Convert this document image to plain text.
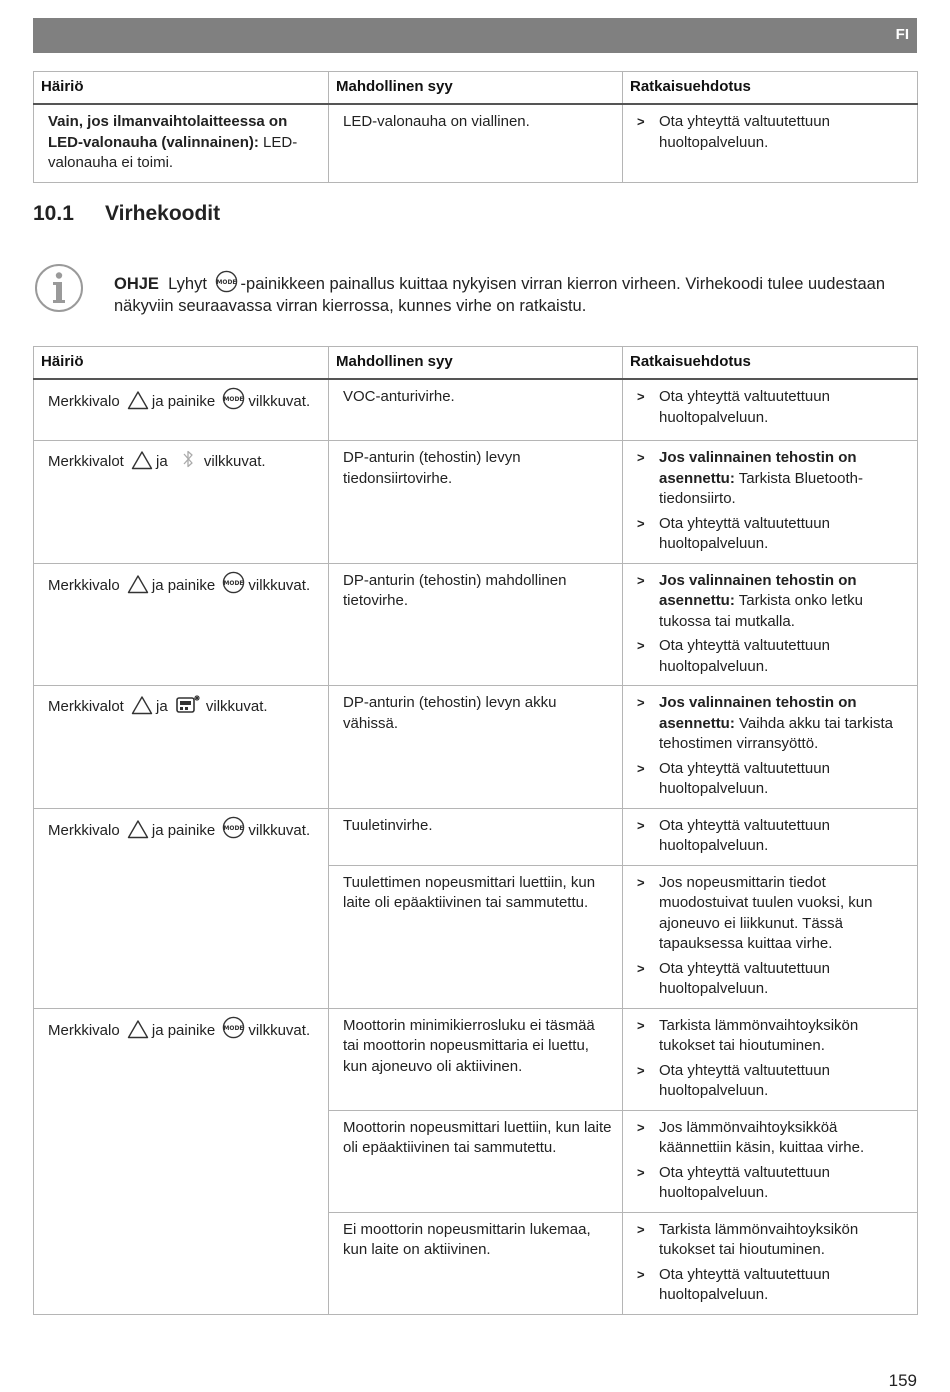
FI
Häiriö	Mahdollinen syy	Ratkaisuehdotus
Vain, jos ilmanvaihtolaitteessa on LED-valonauha (valinnainen): LED-valonauha ei toimi.	LED-valonauha on viallinen.	> Ota yhteyttä valtuutettuun huoltopalveluun.
10.1 Virhekoodit
OHJE Lyhyt -painikkeen painallus kuittaa nykyisen virran kierron virheen. Virhekoodi tulee uudestaan näkyviin seuraavassa virran kierrossa, kunnes virhe on ratkaistu.
Häiriö	Mahdollinen syy	Ratkaisuehdotus
Merkkivalo ja painike vilkkuvat.	VOC-anturivirhe.	> Ota yhteyttä valtuutettuun huoltopalveluun.

Merkkivalot ja vilkkuvat.	DP-anturin (tehostin) levyn tiedonsiirtovirhe.	> Jos valinnainen tehostin on asennettu: Tarkista Bluetooth-tiedonsiirto.
> Ota yhteyttä valtuutettuun huoltopalveluun.

Merkkivalo ja painike vilkkuvat.	DP-anturin (tehostin) mahdollinen tietovirhe.	> Jos valinnainen tehostin on asennettu: Tarkista onko letku tukossa tai mutkalla.
> Ota yhteyttä valtuutettuun huoltopalveluun.

Merkkivalot ja vilkkuvat.	DP-anturin (tehostin) levyn akku vähissä.	> Jos valinnainen tehostin on asennettu: Vaihda akku tai tarkista tehostimen virransyöttö.
> Ota yhteyttä valtuutettuun huoltopalveluun.

Merkkivalo ja painike vilkkuvat.	Tuuletinvirhe.	> Ota yhteyttä valtuutettuun huoltopalveluun.

	Tuulettimen nopeusmittari luettiin, kun laite oli epäaktiivinen tai sammutettu.	> Jos nopeusmittarin tiedot muodostuivat tuulen vuoksi, kun ajoneuvo ei liikkunut. Tässä tapauksessa kuittaa virhe.
> Ota yhteyttä valtuutettuun huoltopalveluun.

Merkkivalo ja painike vilkkuvat.	Moottorin minimikierrosluku ei täsmää tai moottorin nopeusmittaria ei luettu, kun ajoneuvo oli aktiivinen.	> Tarkista lämmönvaihtoyksikön tukokset tai hioutuminen.
> Ota yhteyttä valtuutettuun huoltopalveluun.

	Moottorin nopeusmittari luettiin, kun laite oli epäaktiivinen tai sammutettu.	> Jos lämmönvaihtoyksikköä käännettiin käsin, kuittaa virhe.
> Ota yhteyttä valtuutettuun huoltopalveluun.

	Ei moottorin nopeusmittarin lukemaa, kun laite on aktiivinen.	> Tarkista lämmönvaihtoyksikön tukokset tai hioutuminen.
> Ota yhteyttä valtuutettuun huoltopalveluun.
159
